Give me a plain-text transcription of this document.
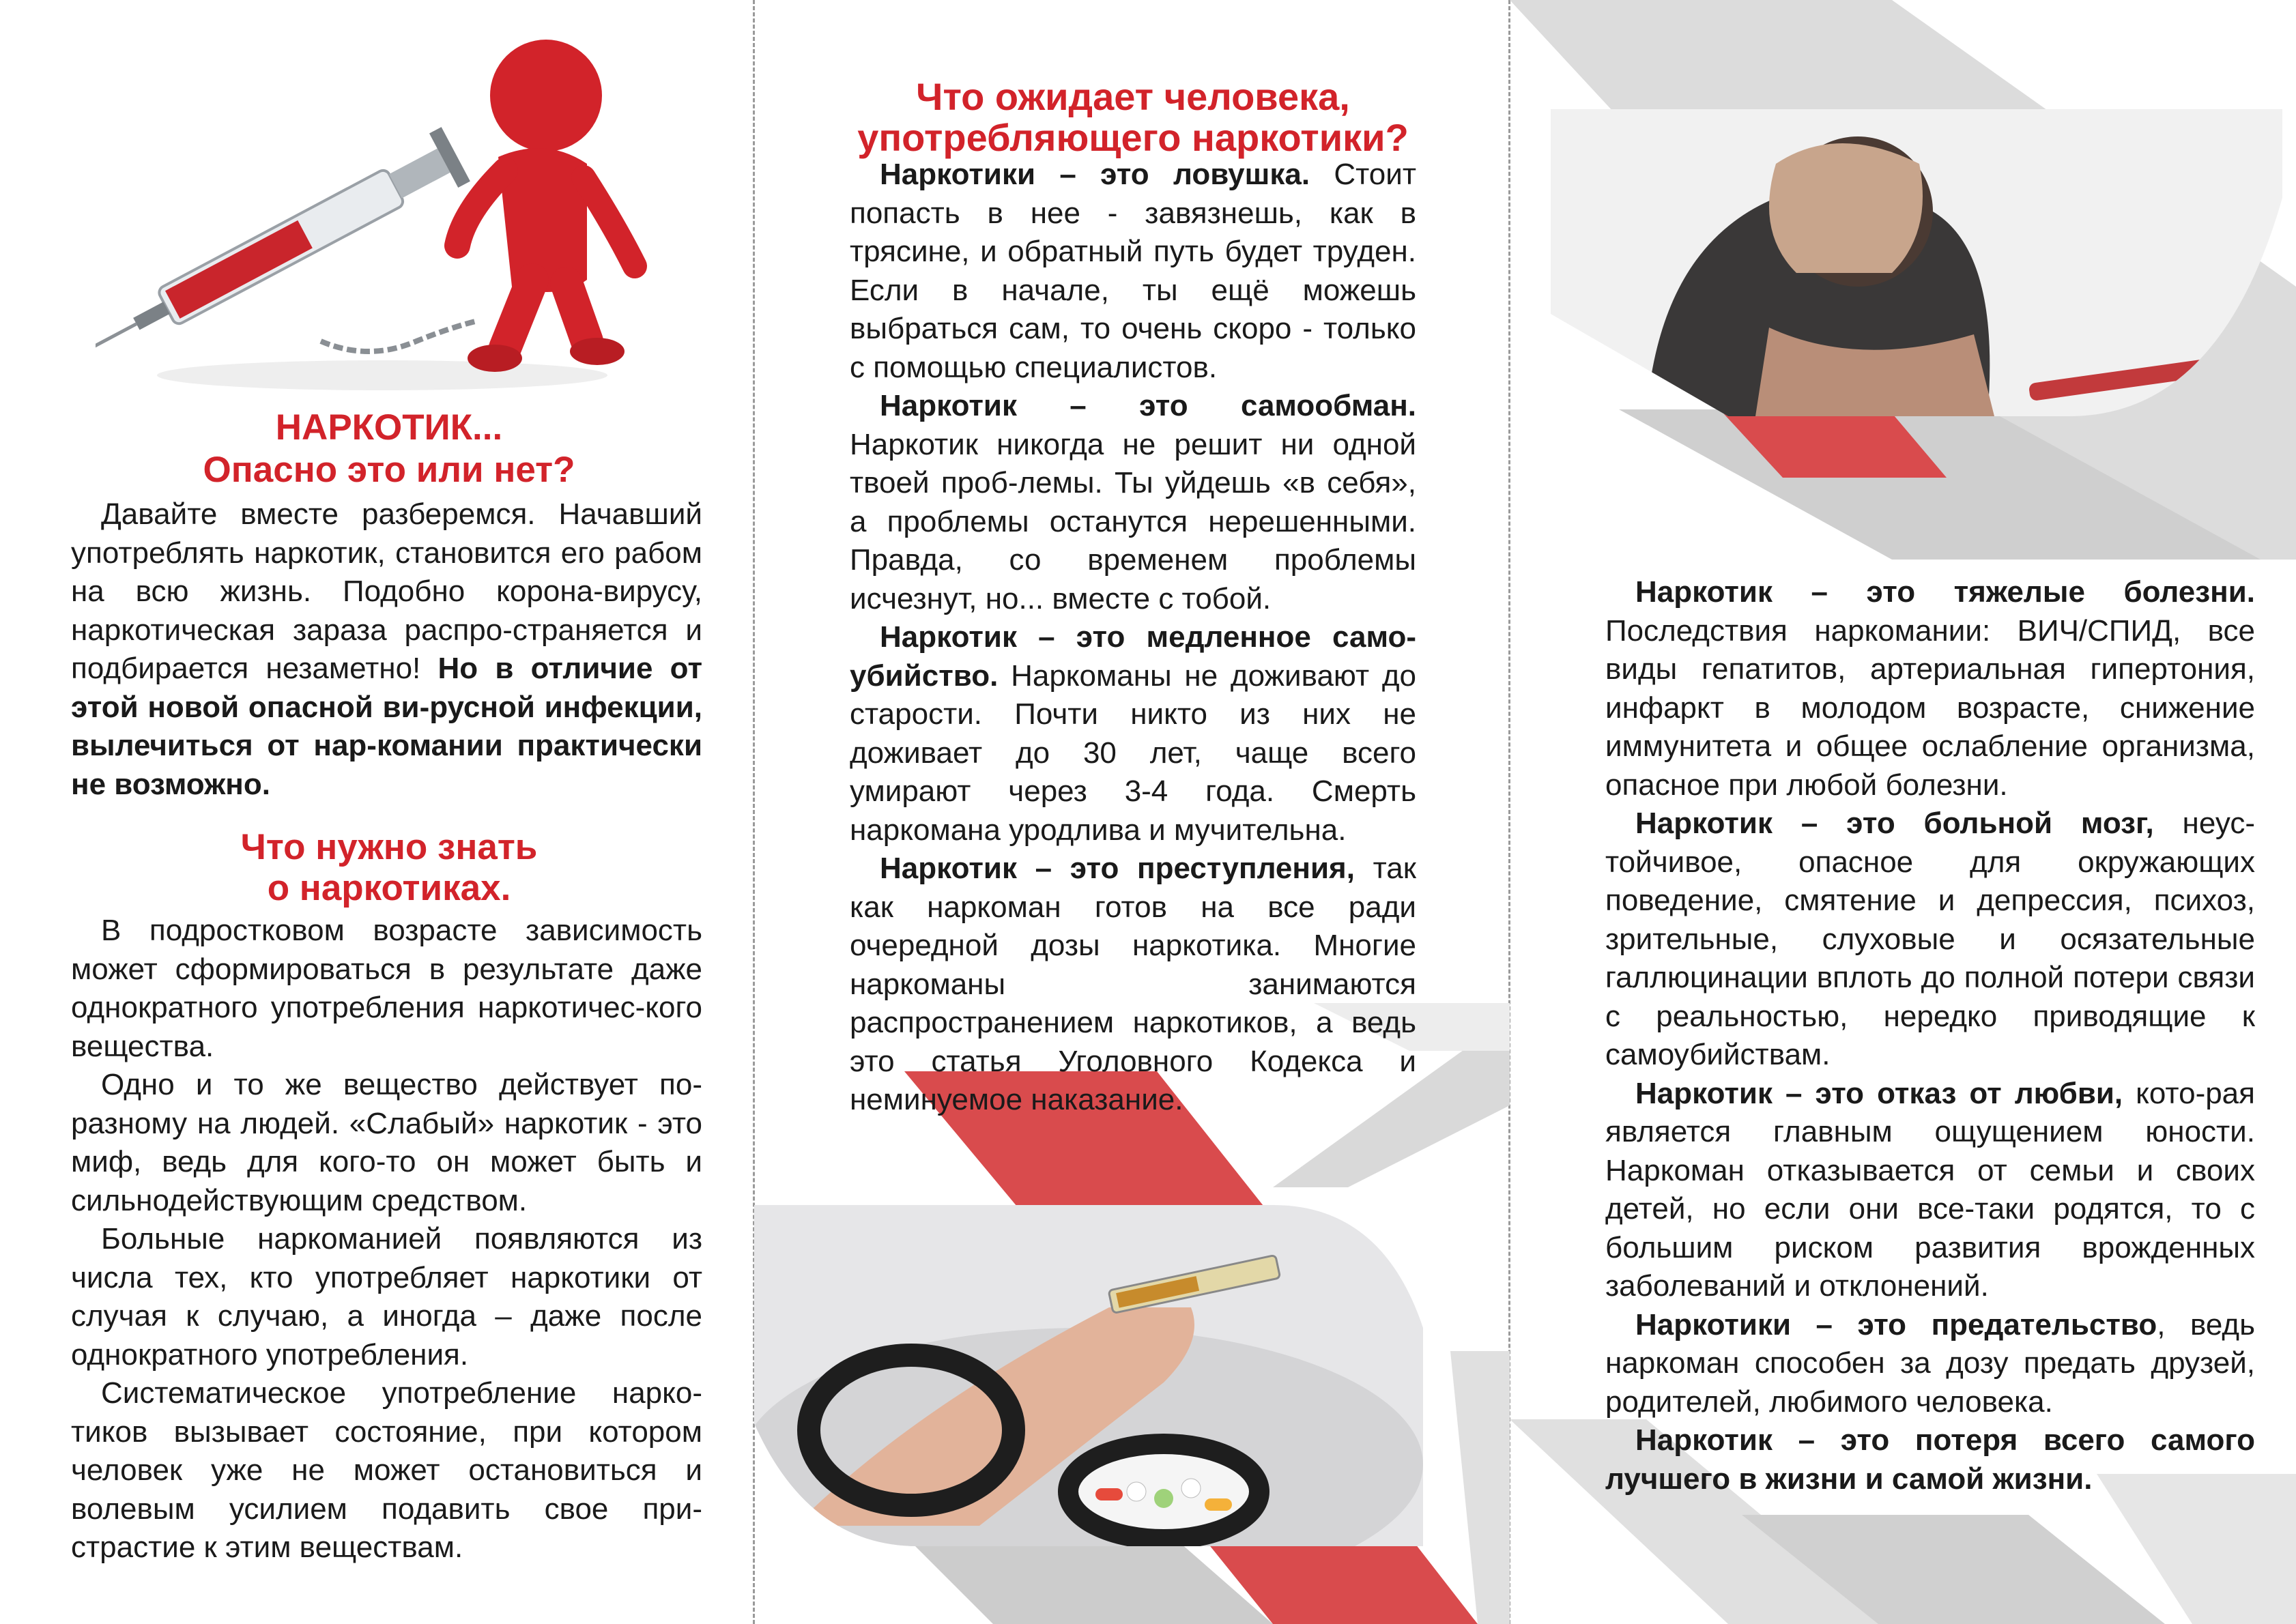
НАРКОТИК...

Опасно это или нет?

Давайте вместе разберемся. Начавший употреблять наркотик, становится его рабом на всю жизнь. Подобно корона-вирусу, наркотическая зараза распро-страняется и подбирается незаметно! Но в отличие от этой новой опасной ви-русной инфекции, вылечиться от нар-комании практически не возможно.

Что нужно знать

о наркотиках.

В подростковом возрасте зависимость может сформироваться в результате даже однократного употребления наркотичес-кого вещества.

Одно и то же вещество действует по-разному на людей. «Слабый» наркотик - это миф, ведь для кого-то он может быть и сильнодействующим средством.

Больные наркоманией появляются из числа тех, кто употребляет наркотики от случая к случаю, а иногда – даже после однократного употребления.

Систематическое употребление нарко-тиков вызывает состояние, при котором человек уже не может остановиться и волевым усилием подавить свое при-страстие к этим веществам.

Что ожидает человека,

употребляющего наркотики?

Наркотики – это ловушка. Стоит попасть в нее - завязнешь, как в трясине, и обратный путь будет труден. Если в начале, ты ещё можешь выбраться сам, то очень скоро - только с помощью специалистов.

Наркотик – это самообман. Наркотик никогда не решит ни одной твоей проб-лемы. Ты уйдешь «в себя», а проблемы останутся нерешенными. Правда, со временем проблемы исчезнут, но... вместе с тобой.

Наркотик – это медленное само-убийство. Наркоманы не доживают до старости. Почти никто из них не доживает до 30 лет, чаще всего умирают через 3-4 года. Смерть наркомана уродлива и мучительна.

Наркотик – это преступления, так как наркоман готов на все ради очередной дозы наркотика. Многие наркоманы занимаются распространением наркотиков, а ведь это статья Уголовного Кодекса и неминуемое наказание.

Наркотик – это тяжелые болезни. Последствия наркомании: ВИЧ/СПИД, все виды гепатитов, артериальная гипертония, инфаркт в молодом возрасте, снижение иммунитета и общее ослабление организма, опасное при любой болезни.

Наркотик – это больной мозг, неус-тойчивое, опасное для окружающих поведение, смятение и депрессия, психоз, зрительные, слуховые и осязательные галлюцинации вплоть до полной потери связи с реальностью, нередко приводящие к самоубийствам.

Наркотик – это отказ от любви, кото-рая является главным ощущением юности. Наркоман отказывается от семьи и своих детей, но если они все-таки родятся, то с большим риском развития врожденных заболеваний и отклонений.

Наркотики – это предательство, ведь наркоман способен за дозу предать друзей, родителей, любимого человека.

Наркотик – это потеря всего самого лучшего в жизни и самой жизни.
